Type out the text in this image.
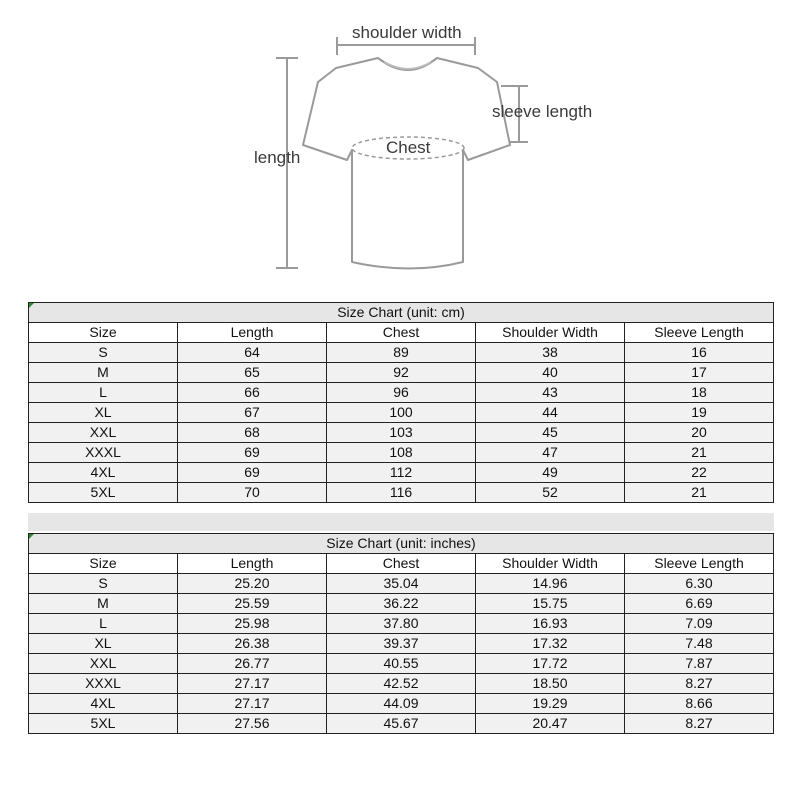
shoulder width
sleeve length
length
Chest
Size Chart (unit: cm)				
Size	Length	Chest	Shoulder Width	Sleeve Length
S	64	89	38	16
M	65	92	40	17
L	66	96	43	18
XL	67	100	44	19
XXL	68	103	45	20
XXXL	69	108	47	21
4XL	69	112	49	22
5XL	70	116	52	21
Size Chart (unit: inches)				
Size	Length	Chest	Shoulder Width	Sleeve Length
S	25.20	35.04	14.96	6.30
M	25.59	36.22	15.75	6.69
L	25.98	37.80	16.93	7.09
XL	26.38	39.37	17.32	7.48
XXL	26.77	40.55	17.72	7.87
XXXL	27.17	42.52	18.50	8.27
4XL	27.17	44.09	19.29	8.66
5XL	27.56	45.67	20.47	8.27
